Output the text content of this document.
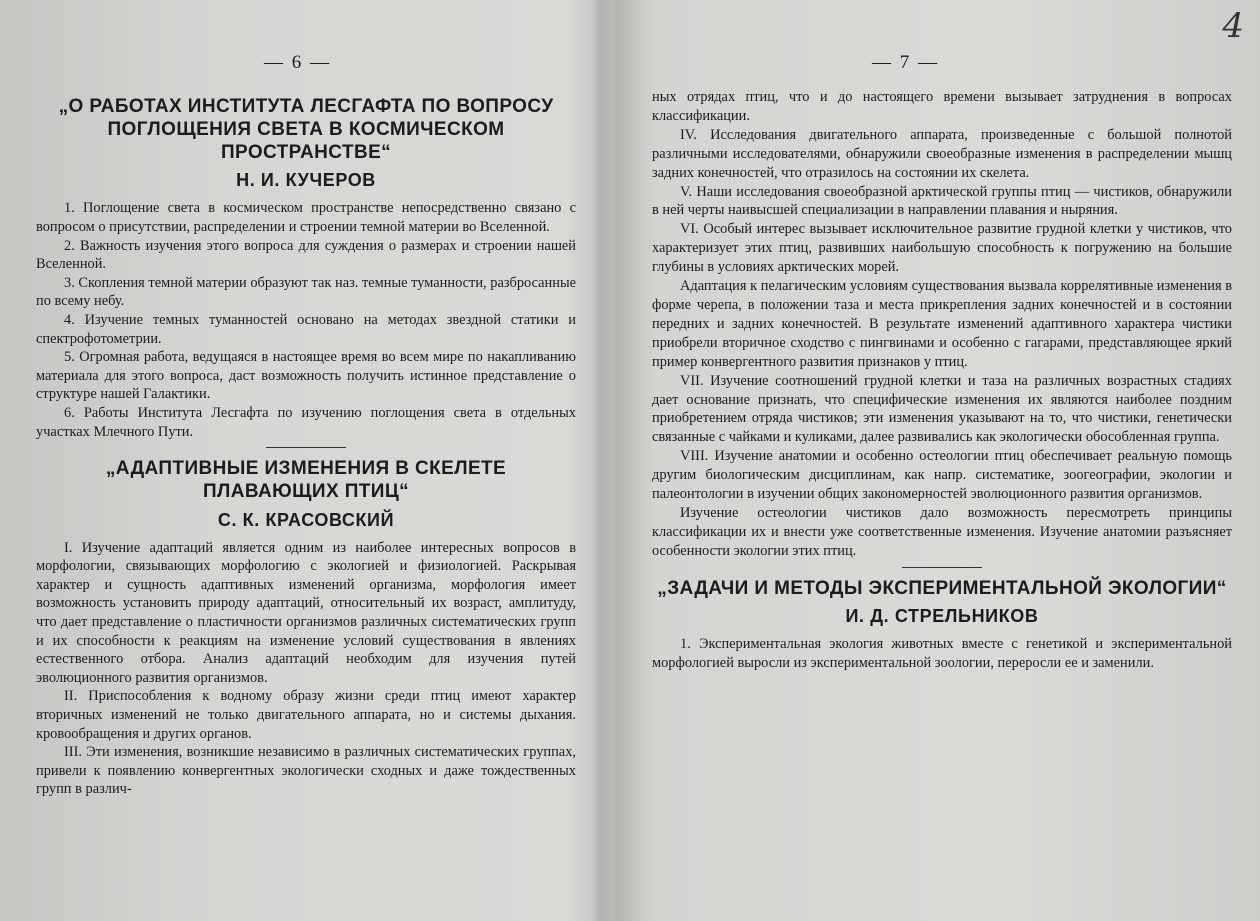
— 6 —
„О РАБОТАХ ИНСТИТУТА ЛЕСГАФТА ПО ВОПРОСУ ПОГЛОЩЕНИЯ СВЕТА В КОСМИЧЕСКОМ ПРОСТРАНСТВЕ“
Н. И. КУЧЕРОВ

1. Поглощение света в космическом пространстве непосредственно связано с вопросом о присутствии, распределении и строении темной материи во Вселенной.

2. Важность изучения этого вопроса для суждения о размерах и строении нашей Вселенной.

3. Скопления темной материи образуют так наз. темные туманности, разбросанные по всему небу.

4. Изучение темных туманностей основано на методах звездной статики и спектрофотометрии.

5. Огромная работа, ведущаяся в настоящее время во всем мире по накапливанию материала для этого вопроса, даст возможность получить истинное представление о структуре нашей Галактики.

6. Работы Института Лесгафта по изучению поглощения света в отдельных участках Млечного Пути.

„АДАПТИВНЫЕ ИЗМЕНЕНИЯ В СКЕЛЕТЕ ПЛАВАЮЩИХ ПТИЦ“
С. К. КРАСОВСКИЙ

I. Изучение адаптаций является одним из наиболее интересных вопросов в морфологии, связывающих морфологию с экологией и физиологией. Раскрывая характер и сущность адаптивных изменений организма, морфология имеет возможность установить природу адаптаций, относительный их возраст, амплитуду, что дает представление о пластичности организмов различных систематических групп и их способности к реакциям на изменение условий существования в явлениях естественного отбора. Анализ адаптаций необходим для изучения путей эволюционного развития организмов.

II. Приспособления к водному образу жизни среди птиц имеют характер вторичных изменений не только двигательного аппарата, но и системы дыхания. кровообращения и других органов.

III. Эти изменения, возникшие независимо в различных систематических группах, привели к появлению конвергентных экологически сходных и даже тождественных групп в различ-

— 7 —
4

ных отрядах птиц, что и до настоящего времени вызывает затруднения в вопросах классификации.

IV. Исследования двигательного аппарата, произведенные с большой полнотой различными исследователями, обнаружили своеобразные изменения в распределении мышц задних конечностей, что отразилось на состоянии их скелета.

V. Наши исследования своеобразной арктической группы птиц — чистиков, обнаружили в ней черты наивысшей специализации в направлении плавания и ныряния.

VI. Особый интерес вызывает исключительное развитие грудной клетки у чистиков, что характеризует этих птиц, развивших наибольшую способность к погружению на большие глубины в условиях арктических морей.

Адаптация к пелагическим условиям существования вызвала коррелятивные изменения в форме черепа, в положении таза и места прикрепления задних конечностей и в состоянии передних и задних конечностей. В результате изменений адаптивного характера чистики приобрели вторичное сходство с пингвинами и особенно с гагарами, представляющее яркий пример конвергентного развития признаков у птиц.

VII. Изучение соотношений грудной клетки и таза на различных возрастных стадиях дает основание признать, что специфические изменения их являются наиболее поздним приобретением отряда чистиков; эти изменения указывают на то, что чистики, генетически связанные с чайками и куликами, далее развивались как экологически обособленная группа.

VIII. Изучение анатомии и особенно остеологии птиц обеспечивает реальную помощь другим биологическим дисциплинам, как напр. систематике, зоогеографии, экологии и палеонтологии в изучении общих закономерностей эволюционного развития организмов.

Изучение остеологии чистиков дало возможность пересмотреть принципы классификации их и внести уже соответственные изменения. Изучение анатомии разъясняет особенности экологии этих птиц.

„ЗАДАЧИ И МЕТОДЫ ЭКСПЕРИМЕНТАЛЬНОЙ ЭКОЛОГИИ“
И. Д. СТРЕЛЬНИКОВ

1. Экспериментальная экология животных вместе с генетикой и экспериментальной морфологией выросли из экспериментальной зоологии, переросли ее и заменили.
